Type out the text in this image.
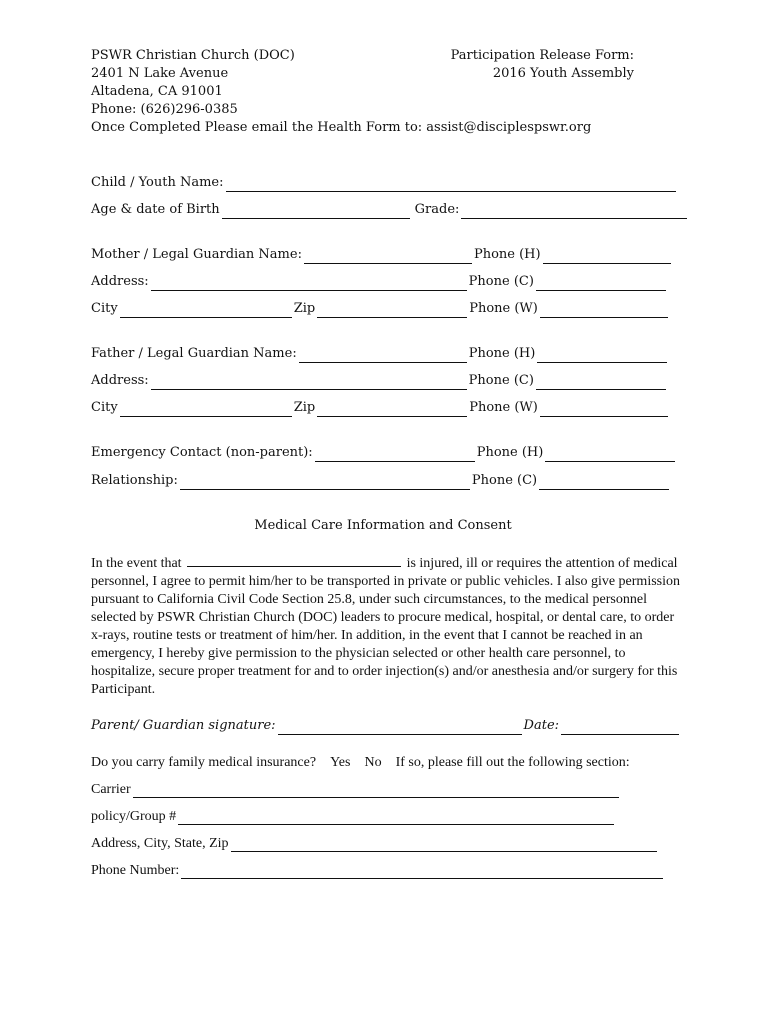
PSWR Christian Church (DOC)
2401 N Lake Avenue
Altadena, CA 91001
Phone: (626)296-0385
Once Completed Please email the Health Form to: assist@disciplespswr.org
Participation Release Form:
2016 Youth Assembly
Child / Youth Name:
Age & date of Birth	Grade:
Mother / Legal Guardian Name:	Phone (H)
Address:	Phone (C)
City	Zip	Phone (W)
Father / Legal Guardian Name:	Phone (H)
Address:	Phone (C)
City	Zip	Phone (W)
Emergency Contact (non-parent):	Phone (H)
Relationship:	Phone (C)
Medical Care Information and Consent
In the event that	is injured, ill or requires the attention of medical personnel, I agree to permit him/her to be transported in private or public vehicles. I also give permission pursuant to California Civil Code Section 25.8, under such circumstances, to the medical personnel selected by PSWR Christian Church (DOC) leaders to procure medical, hospital, or dental care, to order x-rays, routine tests or treatment of him/her. In addition, in the event that I cannot be reached in an emergency, I hereby give permission to the physician selected or other health care personnel, to hospitalize, secure proper treatment for and to order injection(s) and/or anesthesia and/or surgery for this Participant.
Parent/ Guardian signature:	Date:
Do you carry family medical insurance? Yes No If so, please fill out the following section:
Carrier
policy/Group #
Address, City, State, Zip
Phone Number:
